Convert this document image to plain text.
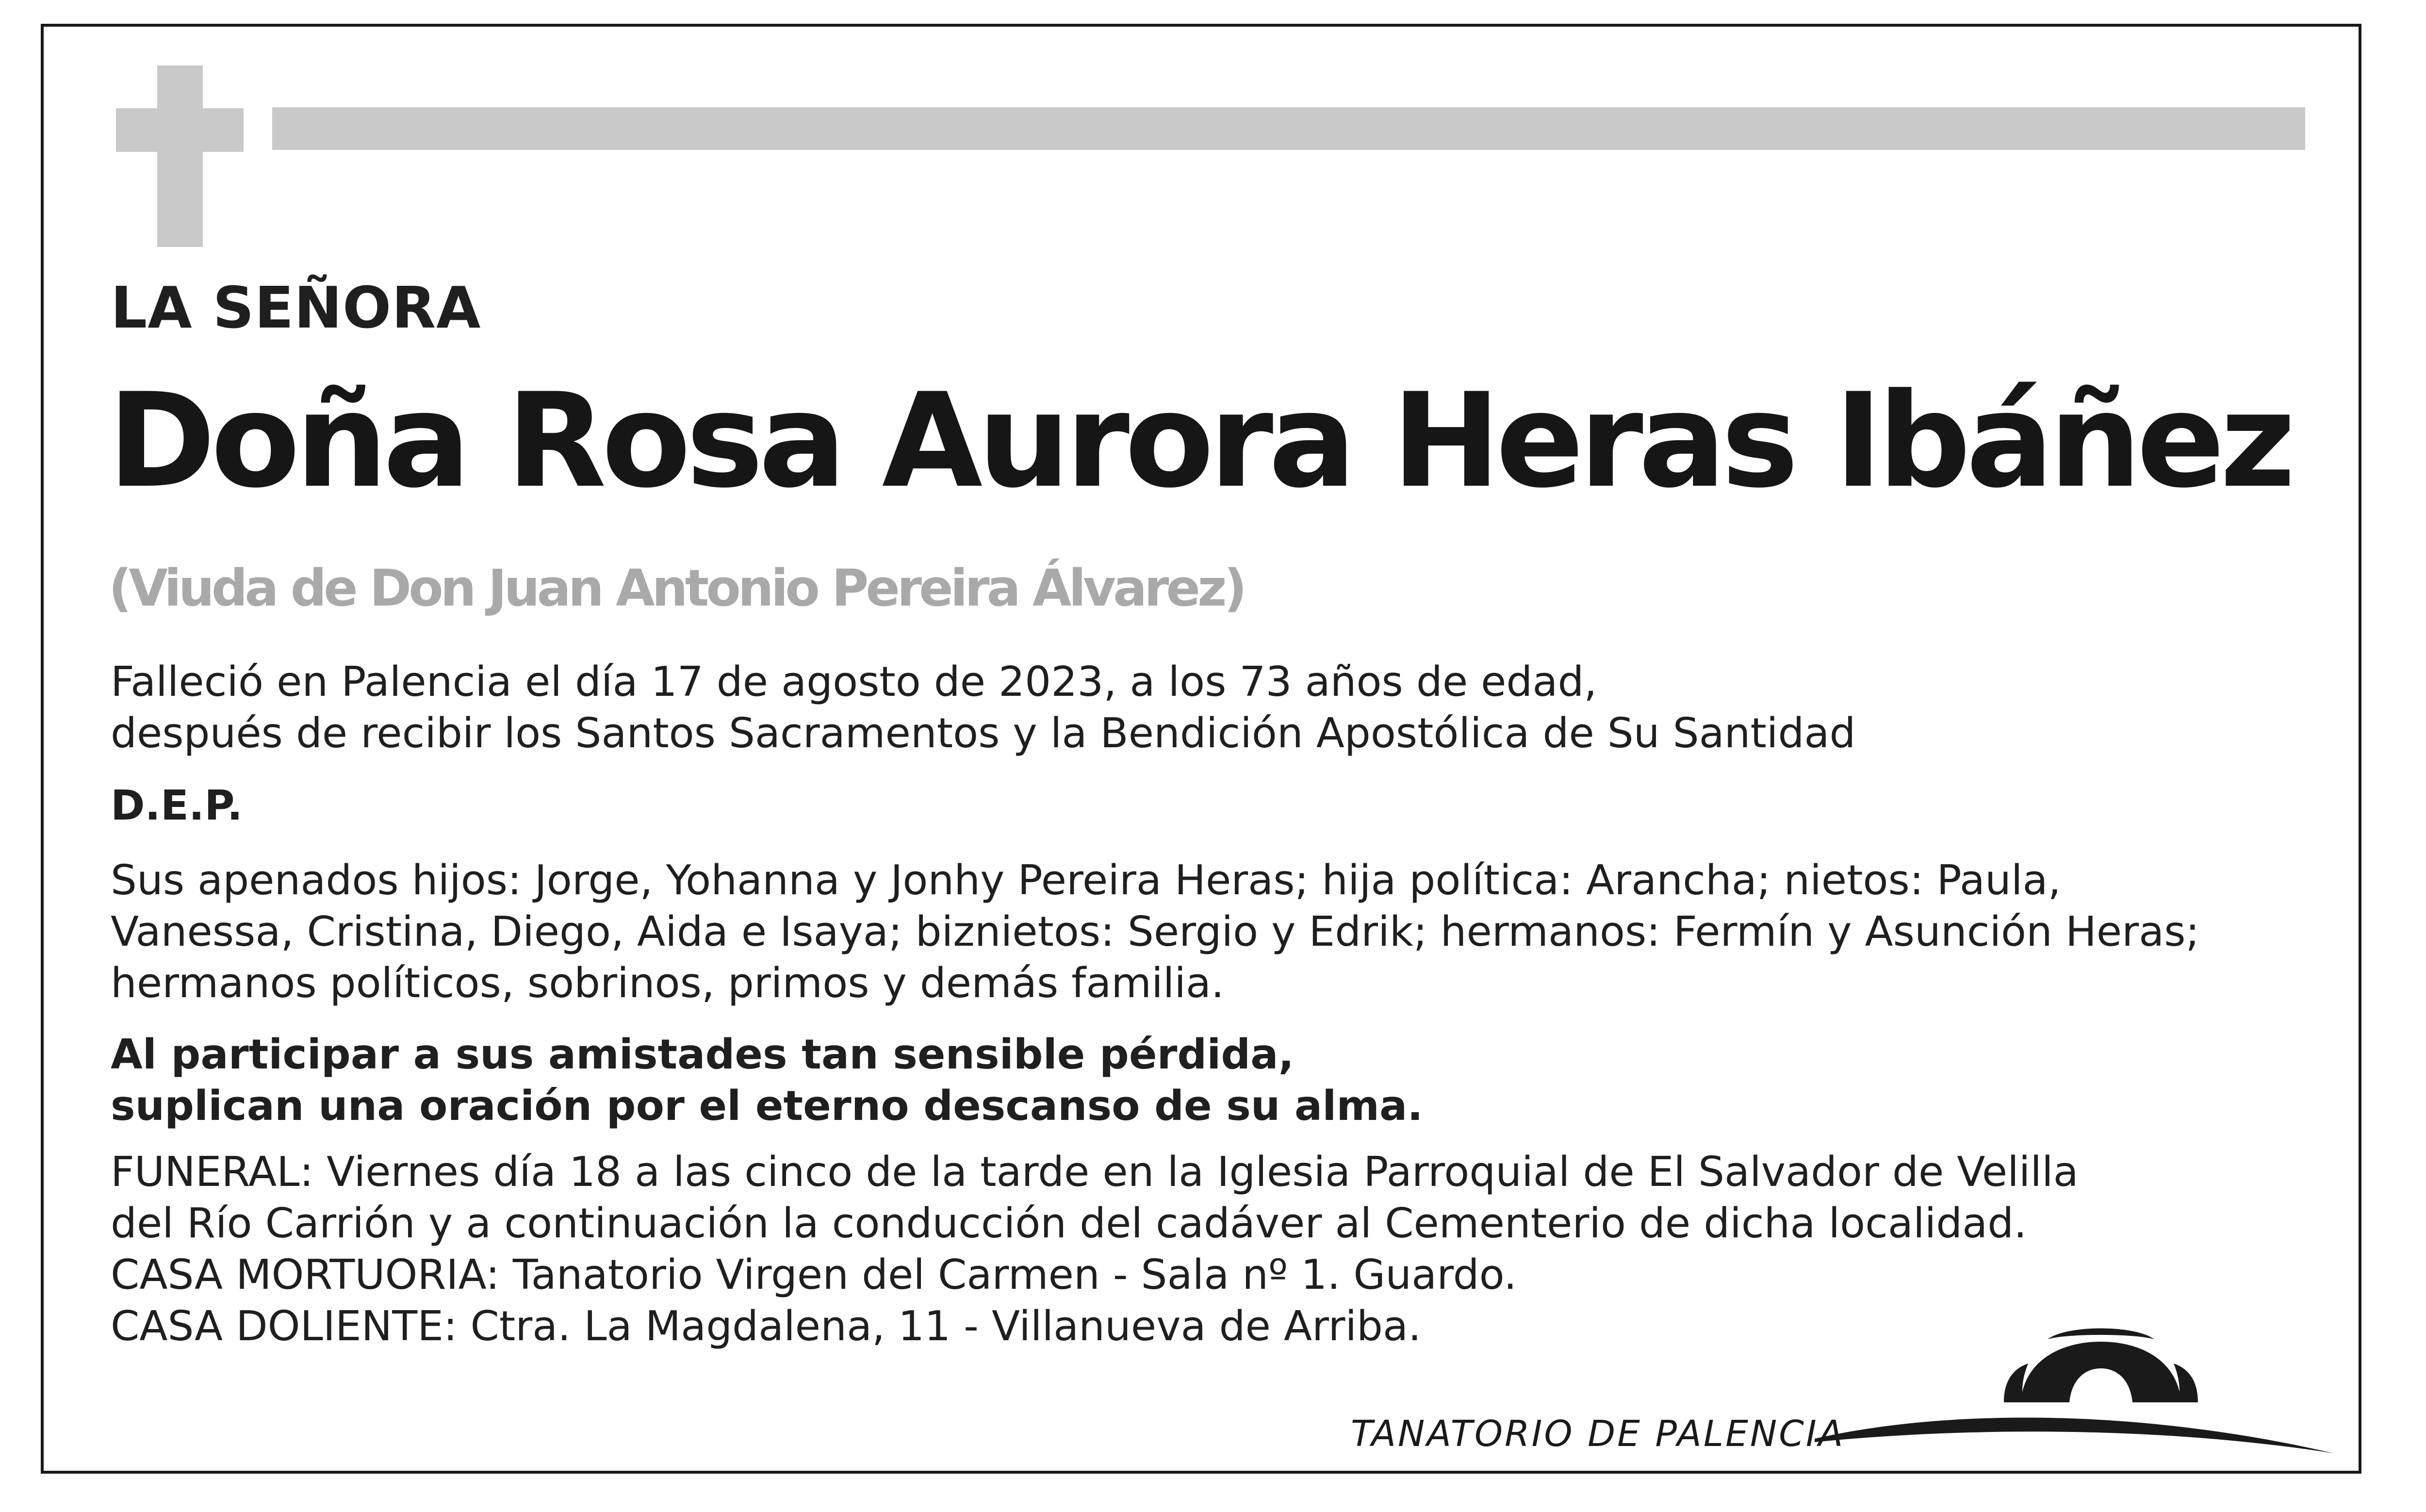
LA SEÑORA
Doña Rosa Aurora Heras Ibáñez
(Viuda de Don Juan Antonio Pereira Álvarez)
Falleció en Palencia el día 17 de agosto de 2023, a los 73 años de edad,
después de recibir los Santos Sacramentos y la Bendición Apostólica de Su Santidad
D.E.P.
Sus apenados hijos: Jorge, Yohanna y Jonhy Pereira Heras; hija política: Arancha; nietos: Paula,
Vanessa, Cristina, Diego, Aida e Isaya; biznietos: Sergio y Edrik; hermanos: Fermín y Asunción Heras;
hermanos políticos, sobrinos, primos y demás familia.
Al participar a sus amistades tan sensible pérdida,
suplican una oración por el eterno descanso de su alma.
FUNERAL: Viernes día 18 a las cinco de la tarde en la Iglesia Parroquial de El Salvador de Velilla
del Río Carrión y a continuación la conducción del cadáver al Cementerio de dicha localidad.
CASA MORTUORIA: Tanatorio Virgen del Carmen - Sala nº 1. Guardo.
CASA DOLIENTE: Ctra. La Magdalena, 11 - Villanueva de Arriba.
TANATORIO DE PALENCIA
